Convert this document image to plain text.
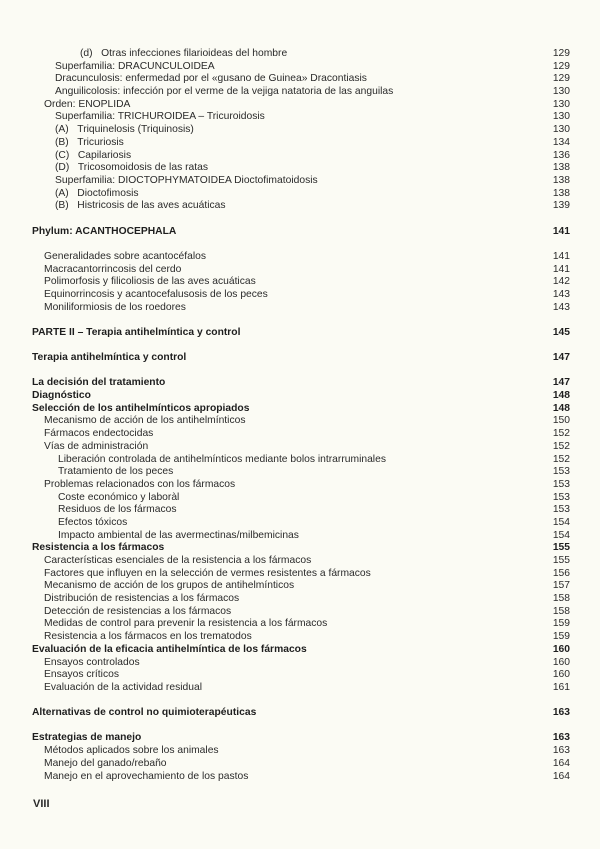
(d)   Otras infecciones filarioideas del hombre	129
Superfamilia: DRACUNCULOIDEA	129
Dracunculosis: enfermedad por el «gusano de Guinea» Dracontiasis	129
Anguilicolosis: infección por el verme de la vejiga natatoria de las anguilas	130
Orden: ENOPLIDA	130
Superfamilia: TRICHUROIDEA – Tricuroidosis	130
(A)   Triquinelosis (Triquinosis)	130
(B)   Tricuriosis	134
(C)   Capilariosis	136
(D)   Tricosomoidosis de las ratas	138
Superfamilia: DIOCTOPHYMATOIDEA Dioctofimatoidosis	138
(A)   Dioctofimosis	138
(B)   Histricosis de las aves acuáticas	139
Phylum: ACANTHOCEPHALA	141
Generalidades sobre acantocéfalos	141
Macracantorrincosis del cerdo	141
Polimorfosis y filicoliosis de las aves acuáticas	142
Equinorrincosis y acantocefalusosis de los peces	143
Moniliformiosis de los roedores	143
PARTE II – Terapia antihelmíntica y control	145
Terapia antihelmíntica y control	147
La decisión del tratamiento	147
Diagnóstico	148
Selección de los antihelmínticos apropiados	148
Mecanismo de acción de los antihelmínticos	150
Fármacos endectocidas	152
Vías de administración	152
Liberación controlada de antihelmínticos mediante bolos intrarruminales	152
Tratamiento de los peces	153
Problemas relacionados con los fármacos	153
Coste económico y laboràl	153
Residuos de los fármacos	153
Efectos tóxicos	154
Impacto ambiental de las avermectinas/milbemicinas	154
Resistencia a los fármacos	155
Características esenciales de la resistencia a los fármacos	155
Factores que influyen en la selección de vermes resistentes a fármacos	156
Mecanismo de acción de los grupos de antihelmínticos	157
Distribución de resistencias a los fármacos	158
Detección de resistencias a los fármacos	158
Medidas de control para prevenir la resistencia a los fármacos	159
Resistencia a los fármacos en los trematodos	159
Evaluación de la eficacia antihelmíntica de los fármacos	160
Ensayos controlados	160
Ensayos críticos	160
Evaluación de la actividad residual	161
Alternativas de control no quimioterapéuticas	163
Estrategias de manejo	163
Métodos aplicados sobre los animales	163
Manejo del ganado/rebaño	164
Manejo en el aprovechamiento de los pastos	164
VIII
